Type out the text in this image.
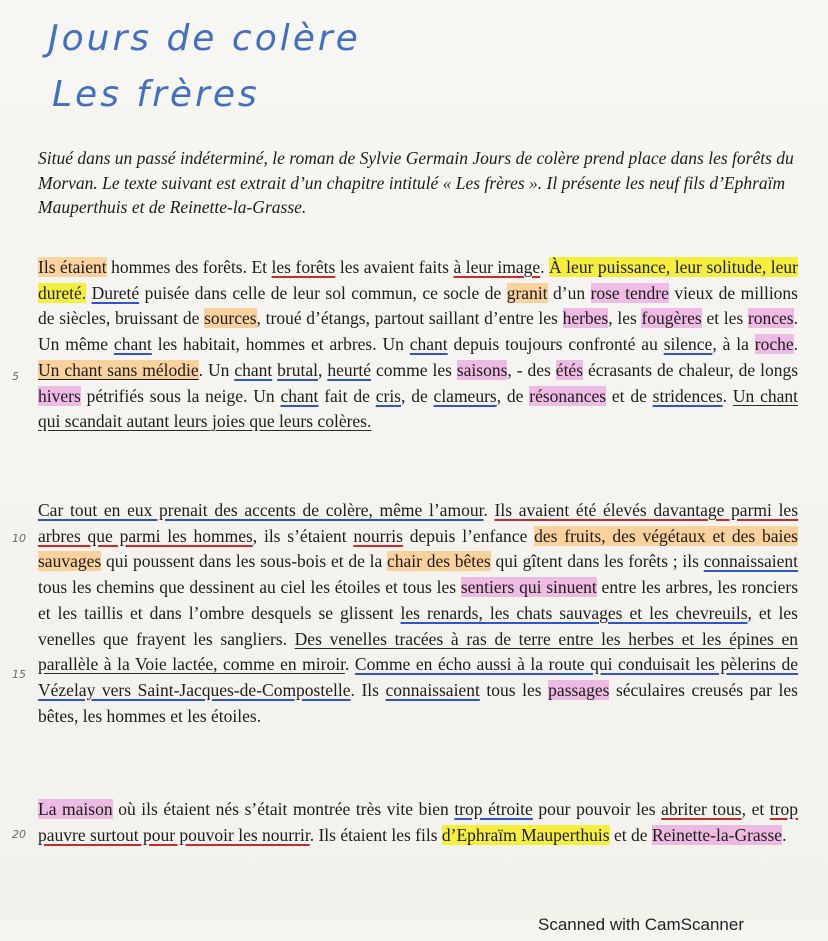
Jours de colère
Les frères
Situé dans un passé indéterminé, le roman de Sylvie Germain Jours de colère prend place dans les forêts du Morvan. Le texte suivant est extrait d’un chapitre intitulé « Les frères ». Il présente les neuf fils d’Ephraïm Mauperthuis et de Reinette-la-Grasse.
Ils étaient hommes des forêts. Et les forêts les avaient faits à leur image. À leur puissance, leur solitude, leur dureté. Dureté puisée dans celle de leur sol commun, ce socle de granit d’un rose tendre vieux de millions de siècles, bruissant de sources, troué d’étangs, partout saillant d’entre les herbes, les fougères et les ronces. Un même chant les habitait, hommes et arbres. Un chant depuis toujours confronté au silence, à la roche. Un chant sans mélodie. Un chant brutal, heurté comme les saisons, - des étés écrasants de chaleur, de longs hivers pétrifiés sous la neige. Un chant fait de cris, de clameurs, de résonances et de stridences. Un chant qui scandait autant leurs joies que leurs colères.
Car tout en eux prenait des accents de colère, même l’amour. Ils avaient été élevés davantage parmi les arbres que parmi les hommes, ils s’étaient nourris depuis l’enfance des fruits, des végétaux et des baies sauvages qui poussent dans les sous-bois et de la chair des bêtes qui gîtent dans les forêts ; ils connaissaient tous les chemins que dessinent au ciel les étoiles et tous les sentiers qui sinuent entre les arbres, les ronciers et les taillis et dans l’ombre desquels se glissent les renards, les chats sauvages et les chevreuils, et les venelles que frayent les sangliers. Des venelles tracées à ras de terre entre les herbes et les épines en parallèle à la Voie lactée, comme en miroir. Comme en écho aussi à la route qui conduisait les pèlerins de Vézelay vers Saint-Jacques-de-Compostelle. Ils connaissaient tous les passages séculaires creusés par les bêtes, les hommes et les étoiles.
La maison où ils étaient nés s’était montrée très vite bien trop étroite pour pouvoir les abriter tous, et trop pauvre surtout pour pouvoir les nourrir. Ils étaient les fils d’Ephraïm Mauperthuis et de Reinette-la-Grasse.
5
10
15
20
Scanned with CamScanner
